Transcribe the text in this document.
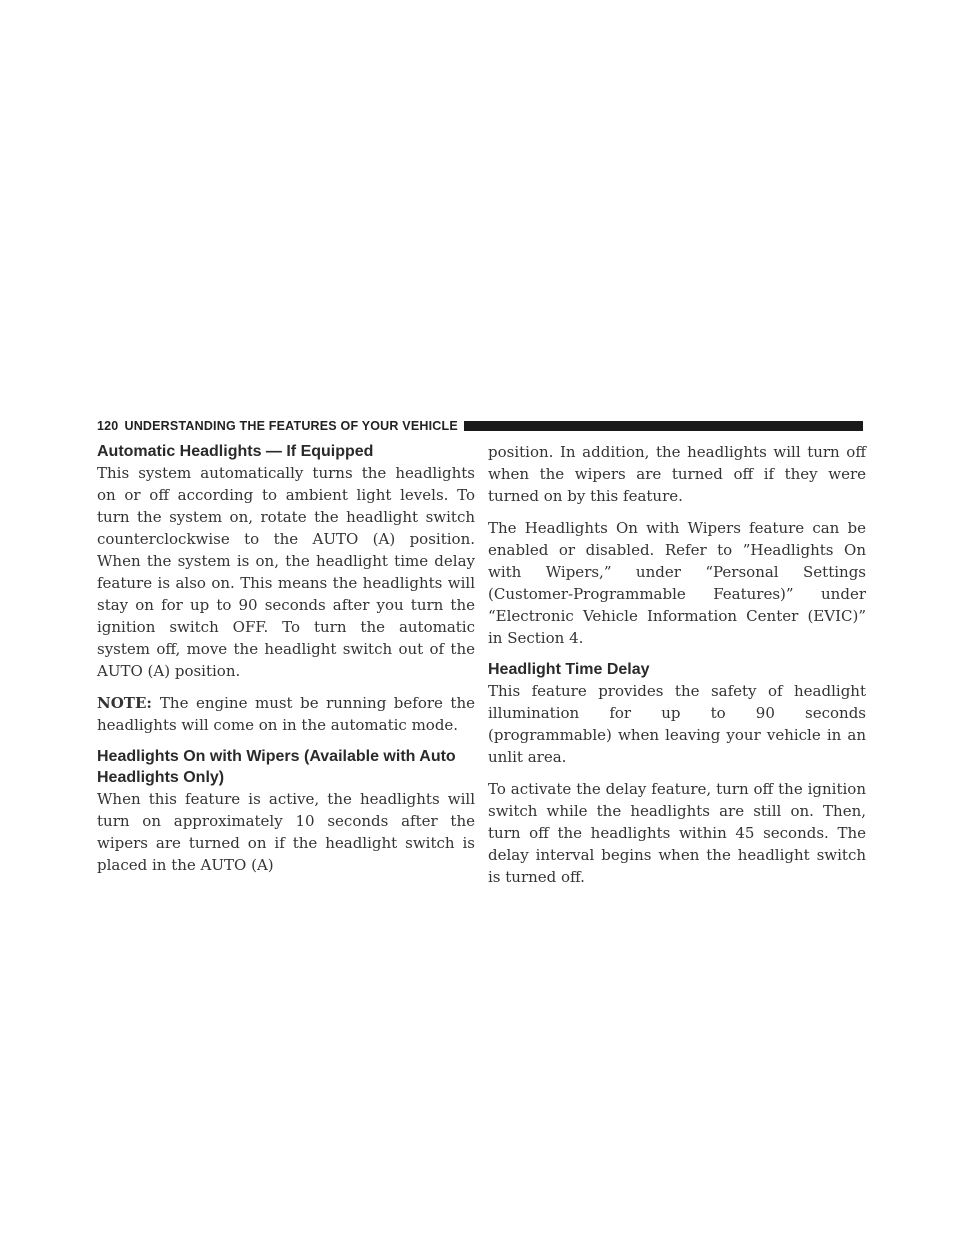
120 UNDERSTANDING THE FEATURES OF YOUR VEHICLE
Automatic Headlights — If Equipped

This system automatically turns the headlights on or off according to ambient light levels. To turn the system on, rotate the headlight switch counterclockwise to the AUTO (A) position. When the system is on, the headlight time delay feature is also on. This means the headlights will stay on for up to 90 seconds after you turn the ignition switch OFF. To turn the automatic system off, move the headlight switch out of the AUTO (A) position.

NOTE: The engine must be running before the headlights will come on in the automatic mode.

Headlights On with Wipers (Available with Auto Headlights Only)

When this feature is active, the headlights will turn on approximately 10 seconds after the wipers are turned on if the headlight switch is placed in the AUTO (A)

position. In addition, the headlights will turn off when the wipers are turned off if they were turned on by this feature.

The Headlights On with Wipers feature can be enabled or disabled. Refer to ”Headlights On with Wipers,” under “Personal Settings (Customer-Programmable Features)” under “Electronic Vehicle Information Center (EVIC)” in Section 4.

Headlight Time Delay

This feature provides the safety of headlight illumination for up to 90 seconds (programmable) when leaving your vehicle in an unlit area.

To activate the delay feature, turn off the ignition switch while the headlights are still on. Then, turn off the headlights within 45 seconds. The delay interval begins when the headlight switch is turned off.
